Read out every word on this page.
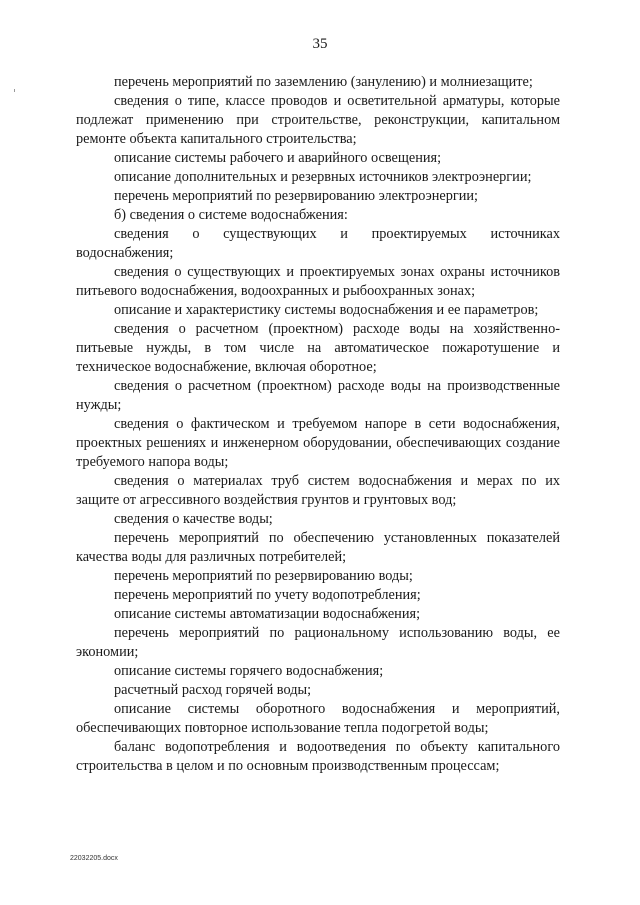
35

перечень мероприятий по заземлению (занулению) и молниезащите;

сведения о типе, классе проводов и осветительной арматуры, которые подлежат применению при строительстве, реконструкции, капитальном ремонте объекта капитального строительства;

описание системы рабочего и аварийного освещения;

описание дополнительных и резервных источников электроэнергии;

перечень мероприятий по резервированию электроэнергии;

б) сведения о системе водоснабжения:

сведения о существующих и проектируемых источниках водоснабжения;

сведения о существующих и проектируемых зонах охраны источников питьевого водоснабжения, водоохранных и рыбоохранных зонах;

описание и характеристику системы водоснабжения и ее параметров;

сведения о расчетном (проектном) расходе воды на хозяйственно-питьевые нужды, в том числе на автоматическое пожаротушение и техническое водоснабжение, включая оборотное;

сведения о расчетном (проектном) расходе воды на производственные нужды;

сведения о фактическом и требуемом напоре в сети водоснабжения, проектных решениях и инженерном оборудовании, обеспечивающих создание требуемого напора воды;

сведения о материалах труб систем водоснабжения и мерах по их защите от агрессивного воздействия грунтов и грунтовых вод;

сведения о качестве воды;

перечень мероприятий по обеспечению установленных показателей качества воды для различных потребителей;

перечень мероприятий по резервированию воды;

перечень мероприятий по учету водопотребления;

описание системы автоматизации водоснабжения;

перечень мероприятий по рациональному использованию воды, ее экономии;

описание системы горячего водоснабжения;

расчетный расход горячей воды;

описание системы оборотного водоснабжения и мероприятий, обеспечивающих повторное использование тепла подогретой воды;

баланс водопотребления и водоотведения по объекту капитального строительства в целом и по основным производственным процессам;

22032205.docx
